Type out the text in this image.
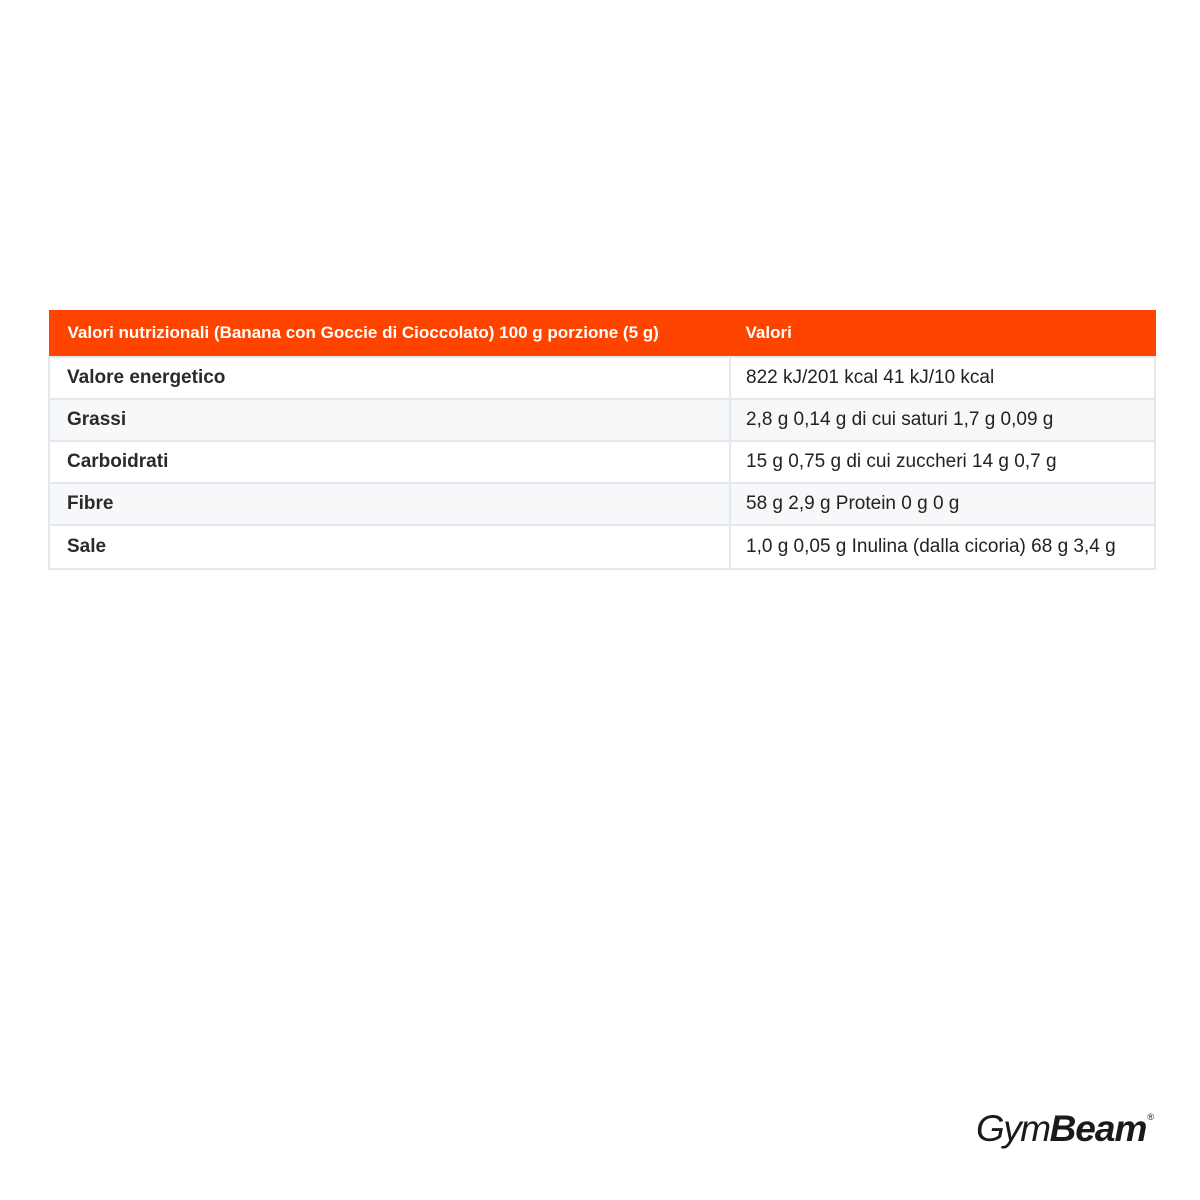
Valori nutrizionali (Banana con Goccie di Cioccolato) 100 g porzione (5 g)	Valori
Valore energetico	822 kJ/201 kcal 41 kJ/10 kcal
Grassi	2,8 g 0,14 g di cui saturi 1,7 g 0,09 g
Carboidrati	15 g 0,75 g di cui zuccheri 14 g 0,7 g
Fibre	58 g 2,9 g Protein 0 g 0 g
Sale	1,0 g 0,05 g Inulina (dalla cicoria) 68 g 3,4 g
GymBeam®
